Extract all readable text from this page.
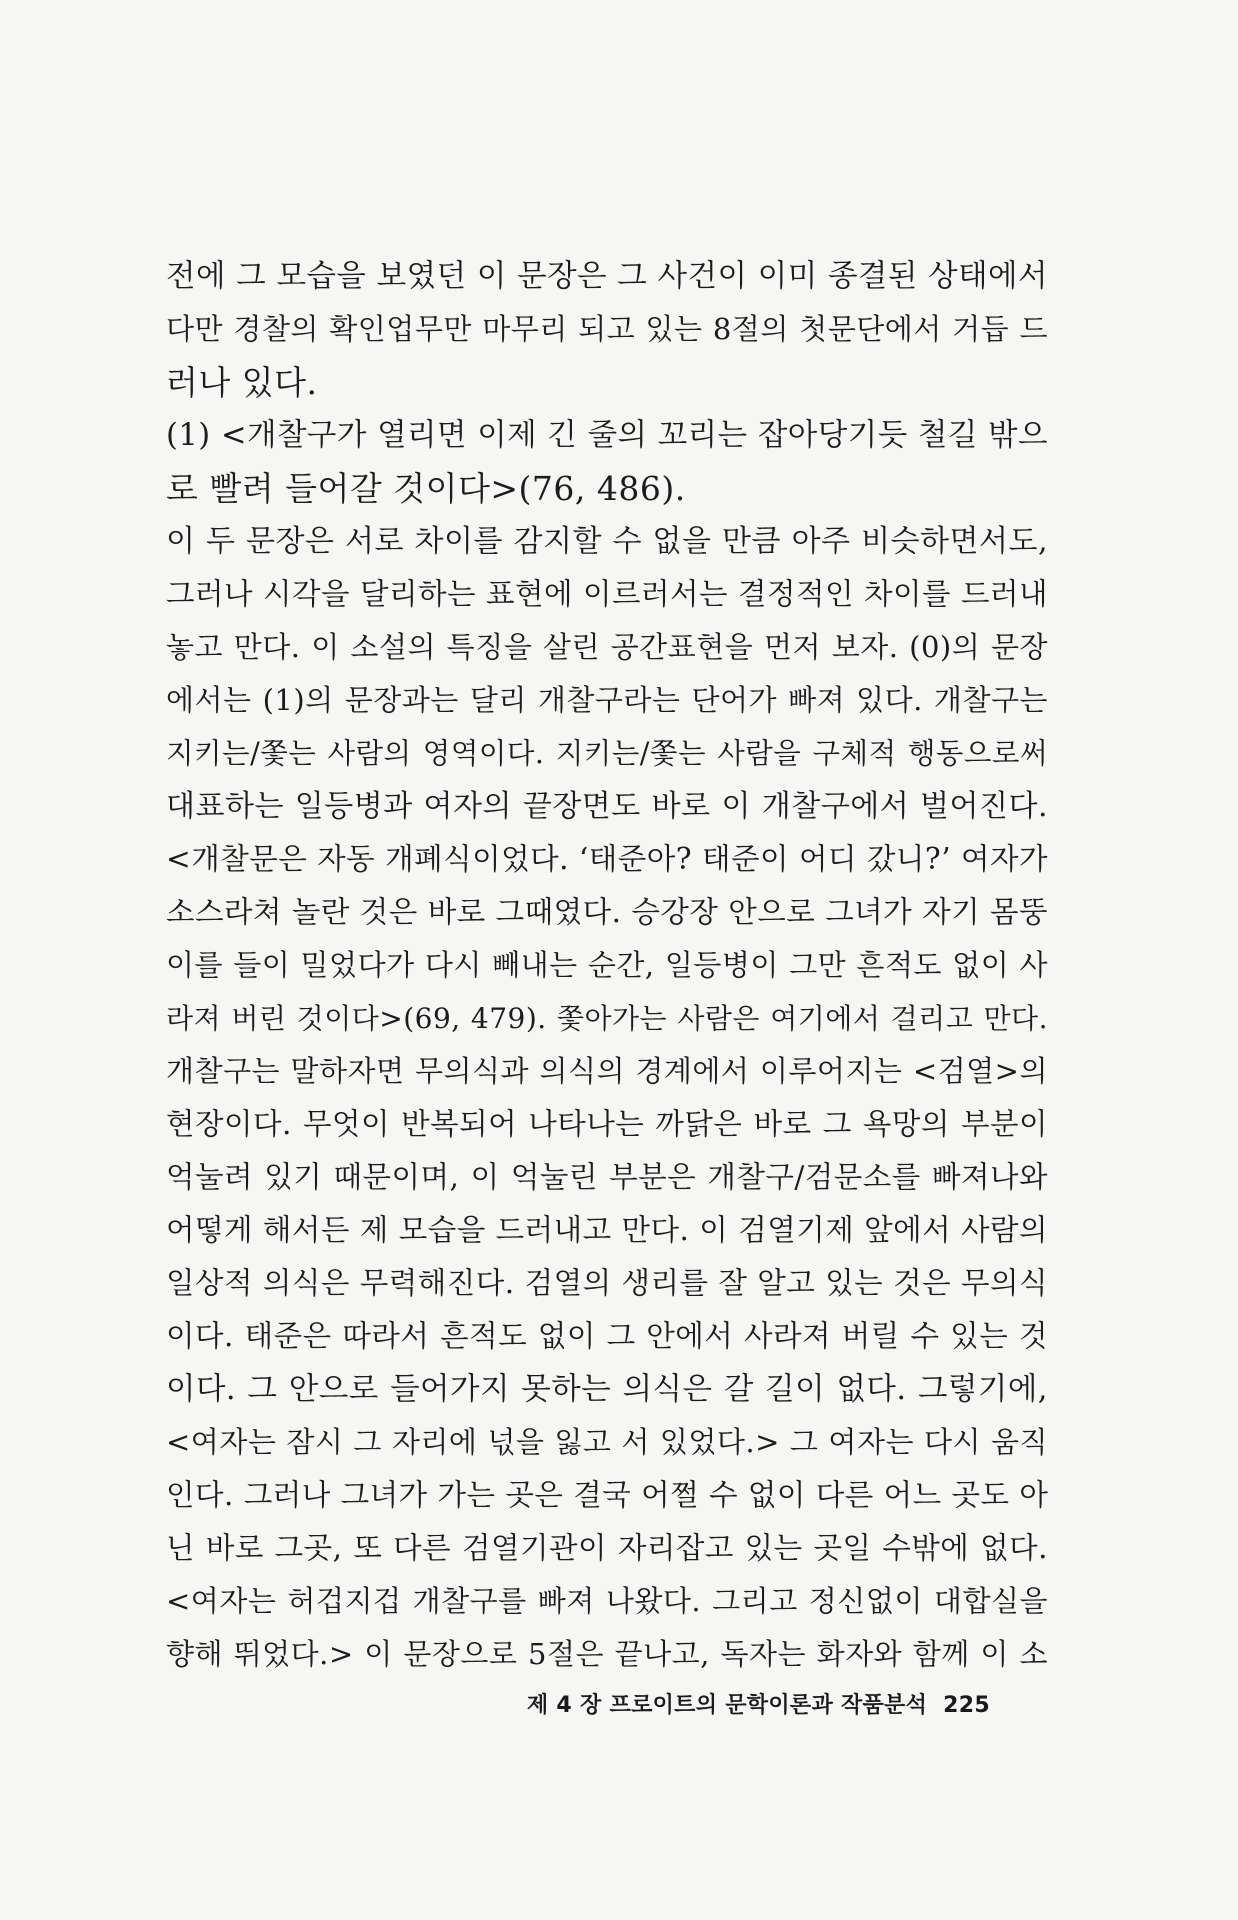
전에 그 모습을 보였던 이 문장은 그 사건이 이미 종결된 상태에서
다만 경찰의 확인업무만 마무리 되고 있는 8절의 첫문단에서 거듭 드
러나 있다.
(1) <개찰구가 열리면 이제 긴 줄의 꼬리는 잡아당기듯 철길 밖으
로 빨려 들어갈 것이다>(76, 486).
이 두 문장은 서로 차이를 감지할 수 없을 만큼 아주 비슷하면서도,
그러나 시각을 달리하는 표현에 이르러서는 결정적인 차이를 드러내
놓고 만다. 이 소설의 특징을 살린 공간표현을 먼저 보자. (0)의 문장
에서는 (1)의 문장과는 달리 개찰구라는 단어가 빠져 있다. 개찰구는
지키는/쫓는 사람의 영역이다. 지키는/쫓는 사람을 구체적 행동으로써
대표하는 일등병과 여자의 끝장면도 바로 이 개찰구에서 벌어진다.
<개찰문은 자동 개폐식이었다. ‘태준아? 태준이 어디 갔니?’ 여자가
소스라쳐 놀란 것은 바로 그때였다. 승강장 안으로 그녀가 자기 몸뚱
이를 들이 밀었다가 다시 빼내는 순간, 일등병이 그만 흔적도 없이 사
라져 버린 것이다>(69, 479). 쫓아가는 사람은 여기에서 걸리고 만다.
개찰구는 말하자면 무의식과 의식의 경계에서 이루어지는 <검열>의
현장이다. 무엇이 반복되어 나타나는 까닭은 바로 그 욕망의 부분이
억눌려 있기 때문이며, 이 억눌린 부분은 개찰구/검문소를 빠져나와
어떻게 해서든 제 모습을 드러내고 만다. 이 검열기제 앞에서 사람의
일상적 의식은 무력해진다. 검열의 생리를 잘 알고 있는 것은 무의식
이다. 태준은 따라서 흔적도 없이 그 안에서 사라져 버릴 수 있는 것
이다. 그 안으로 들어가지 못하는 의식은 갈 길이 없다. 그렇기에,
<여자는 잠시 그 자리에 넋을 잃고 서 있었다.> 그 여자는 다시 움직
인다. 그러나 그녀가 가는 곳은 결국 어쩔 수 없이 다른 어느 곳도 아
닌 바로 그곳, 또 다른 검열기관이 자리잡고 있는 곳일 수밖에 없다.
<여자는 허겁지겁 개찰구를 빠져 나왔다. 그리고 정신없이 대합실을
향해 뛰었다.> 이 문장으로 5절은 끝나고, 독자는 화자와 함께 이 소
제 4 장 프로이트의 문학이론과 작품분석 225
